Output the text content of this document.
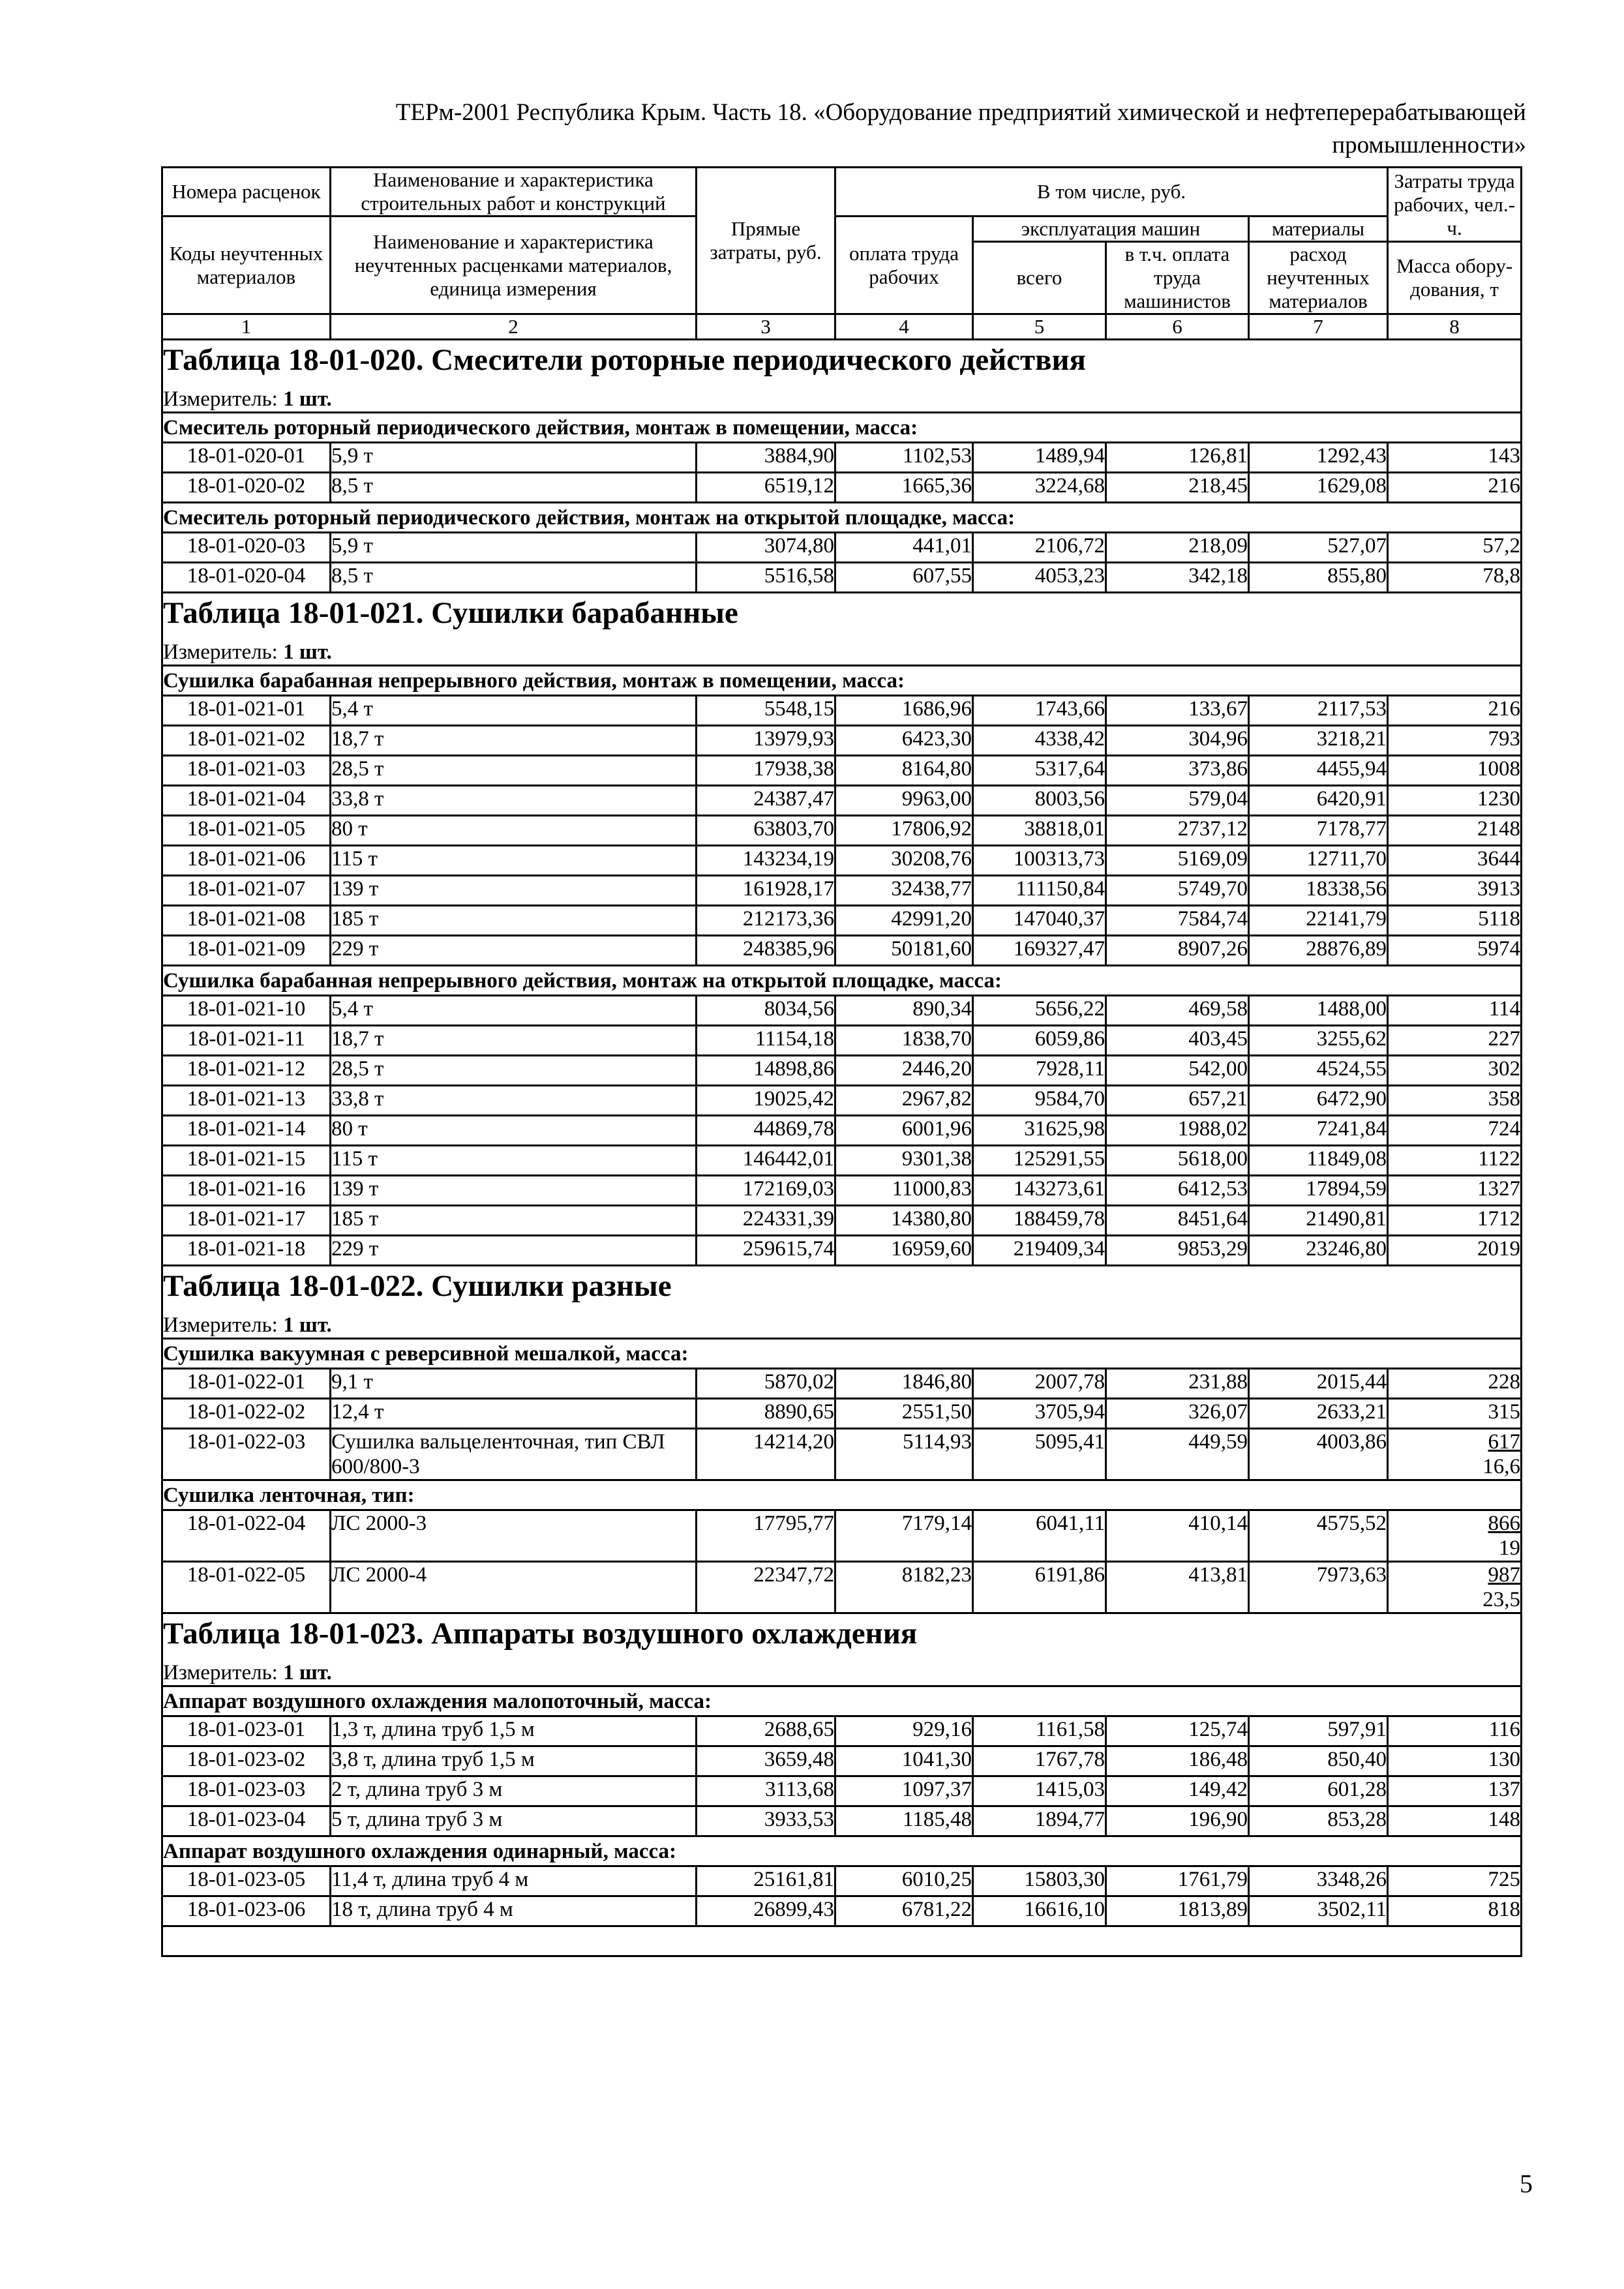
ТЕРм-2001 Республика Крым. Часть 18. «Оборудование предприятий химической и нефтеперерабатывающей
промышленности»
Номера расценок	Наименование и характеристика строительных работ и конструкций	Прямые затраты, руб.	В том числе, руб.				Затраты труда рабочих, чел.-ч.
Коды неучтенных материалов	Наименование и характеристика неучтенных расценками материалов, единица измерения		оплата труда рабочих	эксплуатация машин		материалы	
				всего	в т.ч. оплата труда машинистов	расход неучтенных материалов	
							Масса обору-дования, т
1	2	3	4	5	6	7	8
Таблица 18-01-020. Смесители роторные периодического действия							
Измеритель: 1 шт.							
Смеситель роторный периодического действия, монтаж в помещении, масса:							
18-01-020-01	5,9 т	3884,90	1102,53	1489,94	126,81	1292,43	143
18-01-020-02	8,5 т	6519,12	1665,36	3224,68	218,45	1629,08	216
Смеситель роторный периодического действия, монтаж на открытой площадке, масса:							
18-01-020-03	5,9 т	3074,80	441,01	2106,72	218,09	527,07	57,2
18-01-020-04	8,5 т	5516,58	607,55	4053,23	342,18	855,80	78,8
Таблица 18-01-021. Сушилки барабанные							
Измеритель: 1 шт.							
Сушилка барабанная непрерывного действия, монтаж в помещении, масса:							
18-01-021-01	5,4 т	5548,15	1686,96	1743,66	133,67	2117,53	216
18-01-021-02	18,7 т	13979,93	6423,30	4338,42	304,96	3218,21	793
18-01-021-03	28,5 т	17938,38	8164,80	5317,64	373,86	4455,94	1008
18-01-021-04	33,8 т	24387,47	9963,00	8003,56	579,04	6420,91	1230
18-01-021-05	80 т	63803,70	17806,92	38818,01	2737,12	7178,77	2148
18-01-021-06	115 т	143234,19	30208,76	100313,73	5169,09	12711,70	3644
18-01-021-07	139 т	161928,17	32438,77	111150,84	5749,70	18338,56	3913
18-01-021-08	185 т	212173,36	42991,20	147040,37	7584,74	22141,79	5118
18-01-021-09	229 т	248385,96	50181,60	169327,47	8907,26	28876,89	5974
Сушилка барабанная непрерывного действия, монтаж на открытой площадке, масса:							
18-01-021-10	5,4 т	8034,56	890,34	5656,22	469,58	1488,00	114
18-01-021-11	18,7 т	11154,18	1838,70	6059,86	403,45	3255,62	227
18-01-021-12	28,5 т	14898,86	2446,20	7928,11	542,00	4524,55	302
18-01-021-13	33,8 т	19025,42	2967,82	9584,70	657,21	6472,90	358
18-01-021-14	80 т	44869,78	6001,96	31625,98	1988,02	7241,84	724
18-01-021-15	115 т	146442,01	9301,38	125291,55	5618,00	11849,08	1122
18-01-021-16	139 т	172169,03	11000,83	143273,61	6412,53	17894,59	1327
18-01-021-17	185 т	224331,39	14380,80	188459,78	8451,64	21490,81	1712
18-01-021-18	229 т	259615,74	16959,60	219409,34	9853,29	23246,80	2019
Таблица 18-01-022. Сушилки разные							
Измеритель: 1 шт.							
Сушилка вакуумная с реверсивной мешалкой, масса:							
18-01-022-01	9,1 т	5870,02	1846,80	2007,78	231,88	2015,44	228
18-01-022-02	12,4 т	8890,65	2551,50	3705,94	326,07	2633,21	315
18-01-022-03	Сушилка вальцеленточная, тип СВЛ 600/800-3	14214,20	5114,93	5095,41	449,59	4003,86	617
16,6

Сушилка ленточная, тип:							
18-01-022-04	ЛС 2000-3	17795,77	7179,14	6041,11	410,14	4575,52	866
19

18-01-022-05	ЛС 2000-4	22347,72	8182,23	6191,86	413,81	7973,63	987
23,5

Таблица 18-01-023. Аппараты воздушного охлаждения							
Измеритель: 1 шт.							
Аппарат воздушного охлаждения малопоточный, масса:							
18-01-023-01	1,3 т, длина труб 1,5 м	2688,65	929,16	1161,58	125,74	597,91	116
18-01-023-02	3,8 т, длина труб 1,5 м	3659,48	1041,30	1767,78	186,48	850,40	130
18-01-023-03	2 т, длина труб 3 м	3113,68	1097,37	1415,03	149,42	601,28	137
18-01-023-04	5 т, длина труб 3 м	3933,53	1185,48	1894,77	196,90	853,28	148
Аппарат воздушного охлаждения одинарный, масса:							
18-01-023-05	11,4 т, длина труб 4 м	25161,81	6010,25	15803,30	1761,79	3348,26	725
18-01-023-06	18 т, длина труб 4 м	26899,43	6781,22	16616,10	1813,89	3502,11	818

5
